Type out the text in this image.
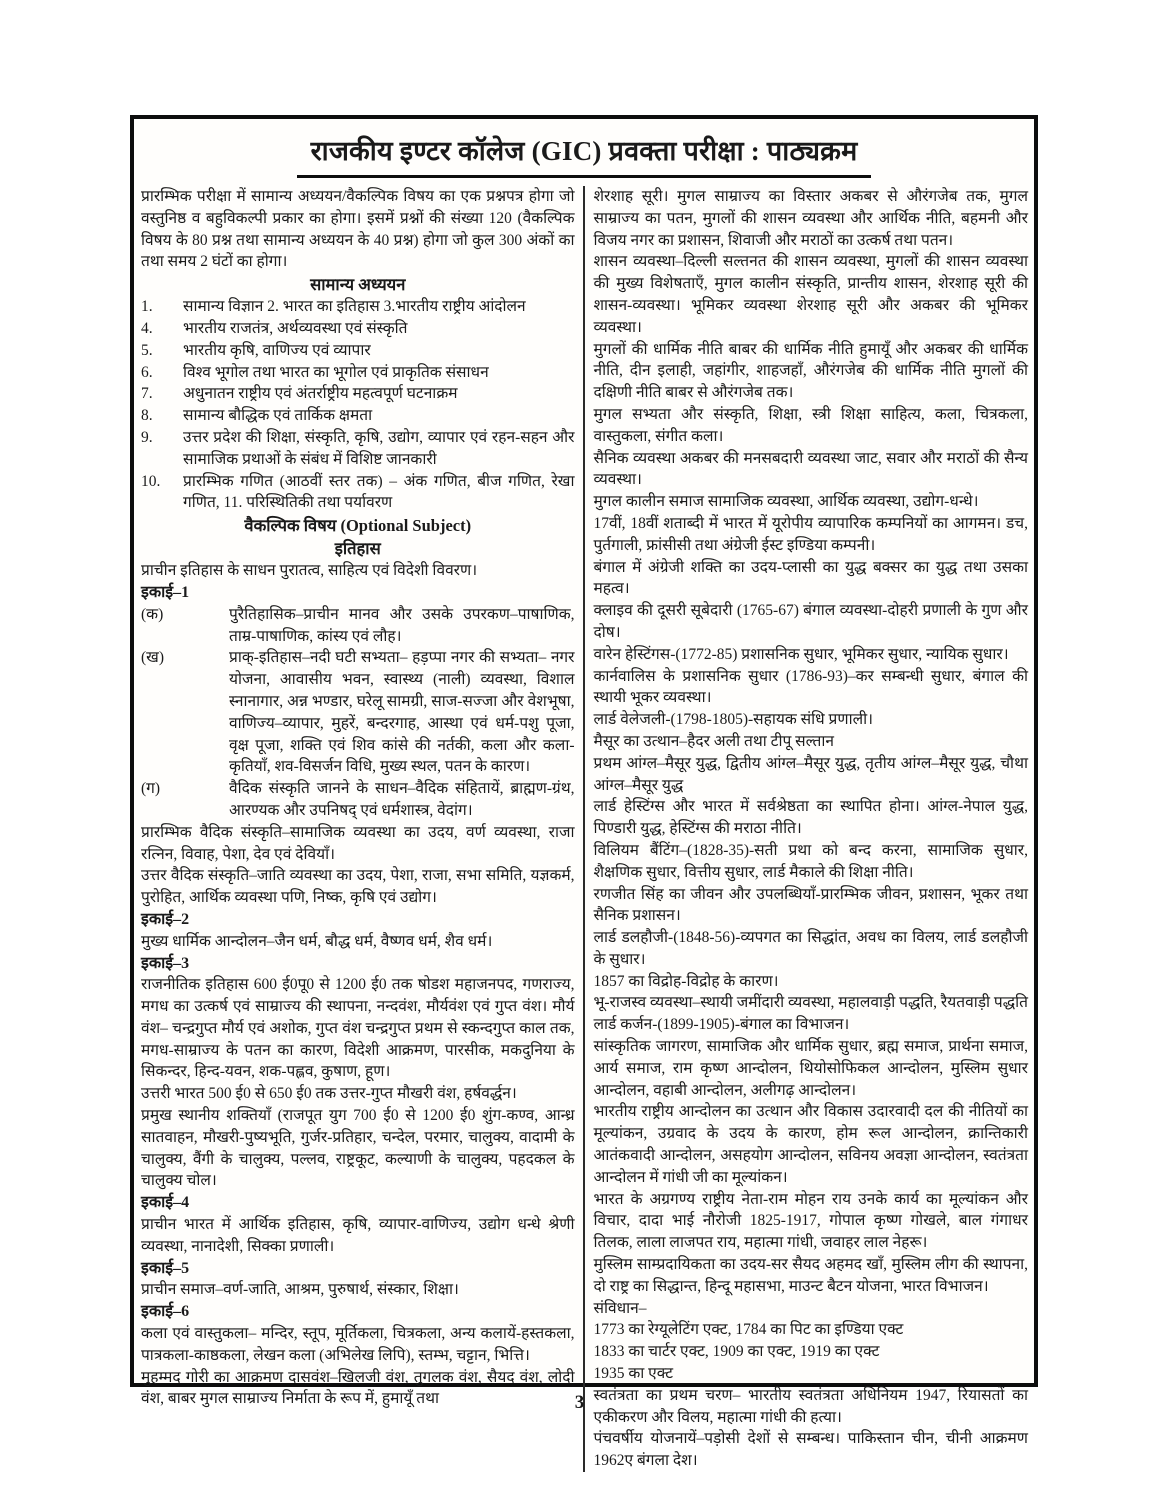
राजकीय इण्टर कॉलेज (GIC) प्रवक्ता परीक्षा : पाठ्यक्रम

प्रारम्भिक परीक्षा में सामान्य अध्ययन/वैकल्पिक विषय का एक प्रश्नपत्र होगा जो वस्तुनिष्ठ व बहुविकल्पी प्रकार का होगा। इसमें प्रश्नों की संख्या 120 (वैकल्पिक विषय के 80 प्रश्न तथा सामान्य अध्ययन के 40 प्रश्न) होगा जो कुल 300 अंकों का तथा समय 2 घंटों का होगा।

सामान्य अध्ययन
1.	सामान्य विज्ञान 2. भारत का इतिहास 3.भारतीय राष्ट्रीय आंदोलन
4.	भारतीय राजतंत्र, अर्थव्यवस्था एवं संस्कृति
5.	भारतीय कृषि, वाणिज्य एवं व्यापार
6.	विश्व भूगोल तथा भारत का भूगोल एवं प्राकृतिक संसाधन
7.	अधुनातन राष्ट्रीय एवं अंतर्राष्ट्रीय महत्वपूर्ण घटनाक्रम
8.	सामान्य बौद्धिक एवं तार्किक क्षमता
9.	उत्तर प्रदेश की शिक्षा, संस्कृति, कृषि, उद्योग, व्यापार एवं रहन-सहन और सामाजिक प्रथाओं के संबंध में विशिष्ट जानकारी
10.	प्रारम्भिक गणित (आठवीं स्तर तक) – अंक गणित, बीज गणित, रेखा गणित, 11. परिस्थितिकी तथा पर्यावरण
वैकल्पिक विषय (Optional Subject)
इतिहास

प्राचीन इतिहास के साधन पुरातत्व, साहित्य एवं विदेशी विवरण।

इकाई–1

(क)	पुरैतिहासिक–प्राचीन मानव और उसके उपरकण–पाषाणिक, ताम्र-पाषाणिक, कांस्य एवं लौह।
(ख)	प्राक्-इतिहास–नदी घटी सभ्यता– हड़प्पा नगर की सभ्यता– नगर योजना, आवासीय भवन, स्वास्थ्य (नाली) व्यवस्था, विशाल स्नानागार, अन्न भण्डार, घरेलू सामग्री, साज-सज्जा और वेशभूषा, वाणिज्य–व्यापार, मुहरें, बन्दरगाह, आस्था एवं धर्म-पशु पूजा, वृक्ष पूजा, शक्ति एवं शिव कांसे की नर्तकी, कला और कला-कृतियाँ, शव-विसर्जन विधि, मुख्य स्थल, पतन के कारण।
(ग)	वैदिक संस्कृति जानने के साधन–वैदिक संहितायें, ब्राह्मण-ग्रंथ, आरण्यक और उपनिषद् एवं धर्मशास्त्र, वेदांग।

प्रारम्भिक वैदिक संस्कृति–सामाजिक व्यवस्था का उदय, वर्ण व्यवस्था, राजा रत्निन, विवाह, पेशा, देव एवं देवियाँ।

उत्तर वैदिक संस्कृति–जाति व्यवस्था का उदय, पेशा, राजा, सभा समिति, यज्ञकर्म, पुरोहित, आर्थिक व्यवस्था पणि, निष्क, कृषि एवं उद्योग।

इकाई–2

मुख्य धार्मिक आन्दोलन–जैन धर्म, बौद्ध धर्म, वैष्णव धर्म, शैव धर्म।

इकाई–3

राजनीतिक इतिहास 600 ई0पू0 से 1200 ई0 तक षोडश महाजनपद, गणराज्य, मगध का उत्कर्ष एवं साम्राज्य की स्थापना, नन्दवंश, मौर्यवंश एवं गुप्त वंश। मौर्य वंश– चन्द्रगुप्त मौर्य एवं अशोक, गुप्त वंश चन्द्रगुप्त प्रथम से स्कन्दगुप्त काल तक, मगध-साम्राज्य के पतन का कारण, विदेशी आक्रमण, पारसीक, मकदुनिया के सिकन्दर, हिन्द-यवन, शक-पह्लव, कुषाण, हूण।

उत्तरी भारत 500 ई0 से 650 ई0 तक उत्तर-गुप्त मौखरी वंश, हर्षवर्द्धन।

प्रमुख स्थानीय शक्तियाँ (राजपूत युग 700 ई0 से 1200 ई0 शुंग-कण्व, आन्ध्र सातवाहन, मौखरी-पुष्यभूति, गुर्जर-प्रतिहार, चन्देल, परमार, चालुक्य, वादामी के चालुक्य, वैंगी के चालुक्य, पल्लव, राष्ट्रकूट, कल्याणी के चालुक्य, पहदकल के चालुक्य चोल।

इकाई–4

प्राचीन भारत में आर्थिक इतिहास, कृषि, व्यापार-वाणिज्य, उद्योग धन्धे श्रेणी व्यवस्था, नानादेशी, सिक्का प्रणाली।

इकाई–5

प्राचीन समाज–वर्ण-जाति, आश्रम, पुरुषार्थ, संस्कार, शिक्षा।

इकाई–6

कला एवं वास्तुकला– मन्दिर, स्तूप, मूर्तिकला, चित्रकला, अन्य कलायें-हस्तकला, पात्रकला-काष्ठकला, लेखन कला (अभिलेख लिपि), स्तम्भ, चट्टान, भित्ति।

मुहम्मद गोरी का आक्रमण दासवंश–खिलजी वंश, तुगलक वंश, सैयद वंश, लोदी वंश, बाबर मुगल साम्राज्य निर्माता के रूप में, हुमायूँ तथा

शेरशाह सूरी। मुगल साम्राज्य का विस्तार अकबर से औरंगजेब तक, मुगल साम्राज्य का पतन, मुगलों की शासन व्यवस्था और आर्थिक नीति, बहमनी और विजय नगर का प्रशासन, शिवाजी और मराठों का उत्कर्ष तथा पतन।

शासन व्यवस्था–दिल्ली सल्तनत की शासन व्यवस्था, मुगलों की शासन व्यवस्था की मुख्य विशेषताएँ, मुगल कालीन संस्कृति, प्रान्तीय शासन, शेरशाह सूरी की शासन-व्यवस्था। भूमिकर व्यवस्था शेरशाह सूरी और अकबर की भूमिकर व्यवस्था।

मुगलों की धार्मिक नीति बाबर की धार्मिक नीति हुमायूँ और अकबर की धार्मिक नीति, दीन इलाही, जहांगीर, शाहजहाँ, औरंगजेब की धार्मिक नीति मुगलों की दक्षिणी नीति बाबर से औरंगजेब तक।

मुगल सभ्यता और संस्कृति, शिक्षा, स्त्री शिक्षा साहित्य, कला, चित्रकला, वास्तुकला, संगीत कला।

सैनिक व्यवस्था अकबर की मनसबदारी व्यवस्था जाट, सवार और मराठों की सैन्य व्यवस्था।

मुगल कालीन समाज सामाजिक व्यवस्था, आर्थिक व्यवस्था, उद्योग-धन्धे।

17वीं, 18वीं शताब्दी में भारत में यूरोपीय व्यापारिक कम्पनियों का आगमन। डच, पुर्तगाली, फ्रांसीसी तथा अंग्रेजी ईस्ट इण्डिया कम्पनी।

बंगाल में अंग्रेजी शक्ति का उदय-प्लासी का युद्ध बक्सर का युद्ध तथा उसका महत्व।

क्लाइव की दूसरी सूबेदारी (1765-67) बंगाल व्यवस्था-दोहरी प्रणाली के गुण और दोष।

वारेन हेस्टिंगस-(1772-85) प्रशासनिक सुधार, भूमिकर सुधार, न्यायिक सुधार।

कार्नवालिस के प्रशासनिक सुधार (1786-93)–कर सम्बन्धी सुधार, बंगाल की स्थायी भूकर व्यवस्था।

लार्ड वेलेजली-(1798-1805)-सहायक संधि प्रणाली।

मैसूर का उत्थान–हैदर अली तथा टीपू सल्तान

प्रथम आंग्ल–मैसूर युद्ध, द्वितीय आंग्ल–मैसूर युद्ध, तृतीय आंग्ल–मैसूर युद्ध, चौथा आंग्ल–मैसूर युद्ध

लार्ड हेस्टिंग्स और भारत में सर्वश्रेष्ठता का स्थापित होना। आंग्ल-नेपाल युद्ध, पिण्डारी युद्ध, हेस्टिंग्स की मराठा नीति।

विलियम बैंटिंग–(1828-35)-सती प्रथा को बन्द करना, सामाजिक सुधार, शैक्षणिक सुधार, वित्तीय सुधार, लार्ड मैकाले की शिक्षा नीति।

रणजीत सिंह का जीवन और उपलब्धियाँ-प्रारम्भिक जीवन, प्रशासन, भूकर तथा सैनिक प्रशासन।

लार्ड डलहौजी-(1848-56)-व्यपगत का सिद्धांत, अवध का विलय, लार्ड डलहौजी के सुधार।

1857 का विद्रोह-विद्रोह के कारण।

भू-राजस्व व्यवस्था–स्थायी जमींदारी व्यवस्था, महालवाड़ी पद्धति, रैयतवाड़ी पद्धति

लार्ड कर्जन-(1899-1905)-बंगाल का विभाजन।

सांस्कृतिक जागरण, सामाजिक और धार्मिक सुधार, ब्रह्म समाज, प्रार्थना समाज, आर्य समाज, राम कृष्ण आन्दोलन, थियोसोफिकल आन्दोलन, मुस्लिम सुधार आन्दोलन, वहाबी आन्दोलन, अलीगढ़ आन्दोलन।

भारतीय राष्ट्रीय आन्दोलन का उत्थान और विकास उदारवादी दल की नीतियों का मूल्यांकन, उग्रवाद के उदय के कारण, होम रूल आन्दोलन, क्रान्तिकारी आतंकवादी आन्दोलन, असहयोग आन्दोलन, सविनय अवज्ञा आन्दोलन, स्वतंत्रता आन्दोलन में गांधी जी का मूल्यांकन।

भारत के अग्रगण्य राष्ट्रीय नेता-राम मोहन राय उनके कार्य का मूल्यांकन और विचार, दादा भाई नौरोजी 1825-1917, गोपाल कृष्ण गोखले, बाल गंगाधर तिलक, लाला लाजपत राय, महात्मा गांधी, जवाहर लाल नेहरू।

मुस्लिम साम्प्रदायिकता का उदय-सर सैयद अहमद खाँ, मुस्लिम लीग की स्थापना, दो राष्ट्र का सिद्धान्त, हिन्दू महासभा, माउन्ट बैटन योजना, भारत विभाजन।

संविधान–

1773 का रेग्यूलेटिंग एक्ट, 1784 का पिट का इण्डिया एक्ट

1833 का चार्टर एक्ट, 1909 का एक्ट, 1919 का एक्ट

1935 का एक्ट

स्वतंत्रता का प्रथम चरण– भारतीय स्वतंत्रता अधिनियम 1947, रियासतों का एकीकरण और विलय, महात्मा गांधी की हत्या।

पंचवर्षीय योजनायें–पड़ोसी देशों से सम्बन्ध। पाकिस्तान चीन, चीनी आक्रमण 1962ए बंगला देश।

3
